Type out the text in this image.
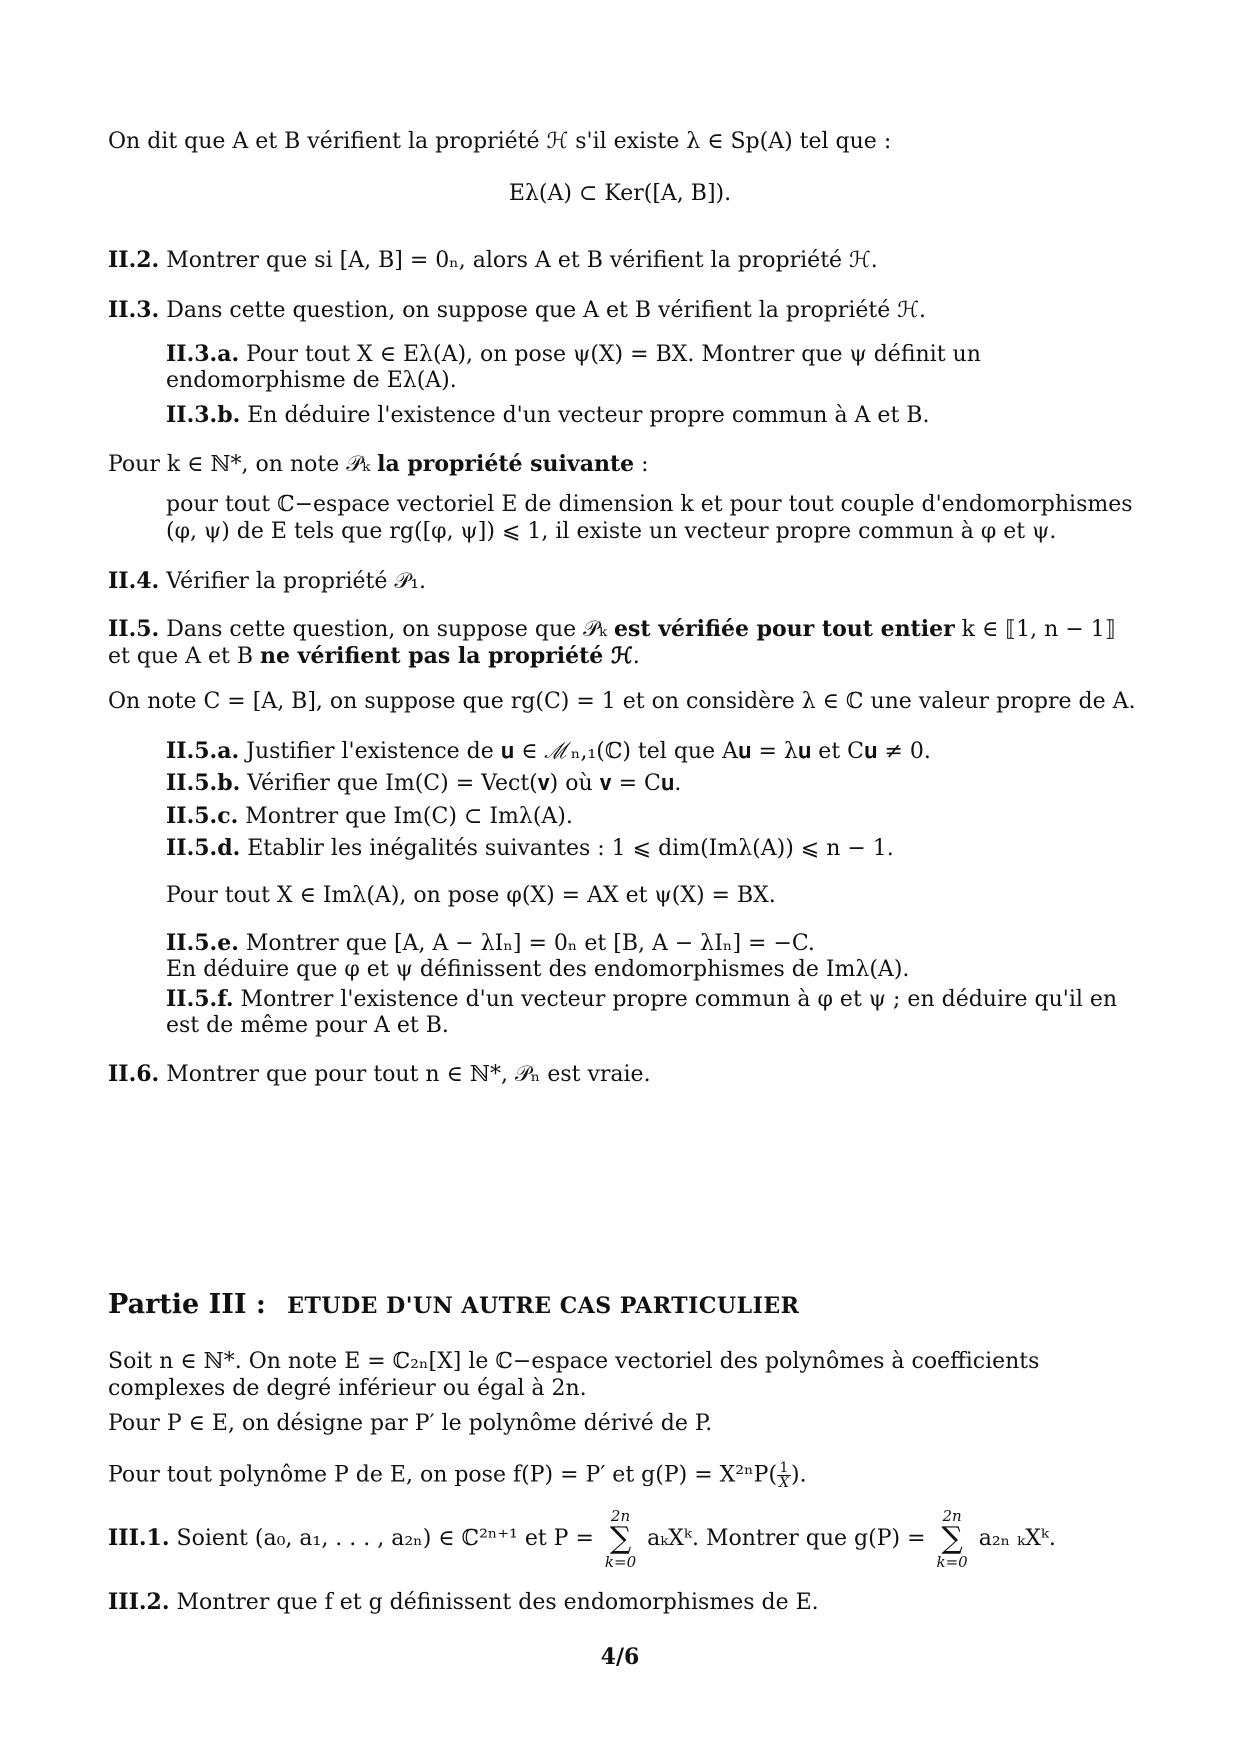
On dit que A et B vérifient la propriété ℋ s'il existe λ ∈ Sp(A) tel que :
Eλ(A) ⊂ Ker([A, B]).
II.2. Montrer que si [A, B] = 0ₙ, alors A et B vérifient la propriété ℋ.
II.3. Dans cette question, on suppose que A et B vérifient la propriété ℋ.
II.3.a. Pour tout X ∈ Eλ(A), on pose ψ(X) = BX. Montrer que ψ définit un
endomorphisme de Eλ(A).
II.3.b. En déduire l'existence d'un vecteur propre commun à A et B.
Pour k ∈ ℕ*, on note 𝒫ₖ la propriété suivante :
pour tout ℂ−espace vectoriel E de dimension k et pour tout couple d'endomorphismes
(φ, ψ) de E tels que rg([φ, ψ]) ⩽ 1, il existe un vecteur propre commun à φ et ψ.
II.4. Vérifier la propriété 𝒫₁.
II.5. Dans cette question, on suppose que 𝒫ₖ est vérifiée pour tout entier k ∈ ⟦1, n − 1⟧
et que A et B ne vérifient pas la propriété ℋ.
On note C = [A, B], on suppose que rg(C) = 1 et on considère λ ∈ ℂ une valeur propre de A.
II.5.a. Justifier l'existence de 𝐮 ∈ ℳₙ,₁(ℂ) tel que A𝐮 = λ𝐮 et C𝐮 ≠ 0.
II.5.b. Vérifier que Im(C) = Vect(𝐯) où 𝐯 = C𝐮.
II.5.c. Montrer que Im(C) ⊂ Imλ(A).
II.5.d. Etablir les inégalités suivantes : 1 ⩽ dim(Imλ(A)) ⩽ n − 1.
Pour tout X ∈ Imλ(A), on pose φ(X) = AX et ψ(X) = BX.
II.5.e. Montrer que [A, A − λIₙ] = 0ₙ et [B, A − λIₙ] = −C.
En déduire que φ et ψ définissent des endomorphismes de Imλ(A).
II.5.f. Montrer l'existence d'un vecteur propre commun à φ et ψ ; en déduire qu'il en
est de même pour A et B.
II.6. Montrer que pour tout n ∈ ℕ*, 𝒫ₙ est vraie.
Partie III : ETUDE D'UN AUTRE CAS PARTICULIER
Soit n ∈ ℕ*. On note E = ℂ₂ₙ[X] le ℂ−espace vectoriel des polynômes à coefficients
complexes de degré inférieur ou égal à 2n.
Pour P ∈ E, on désigne par P′ le polynôme dérivé de P.
Pour tout polynôme P de E, on pose f(P) = P′ et $g(P) = X^{2n}P( \frac{1}{X}$ ).
III.1. Soient (a₀, a₁, . . . , a₂ₙ) ∈ ℂ²ⁿ⁺¹ et P =
2n
∑
k=0
aₖXᵏ. Montrer que g(P) =
2n
∑
k=0
a₂ₙ ₖXᵏ.
III.2. Montrer que f et g définissent des endomorphismes de E.
4/6
